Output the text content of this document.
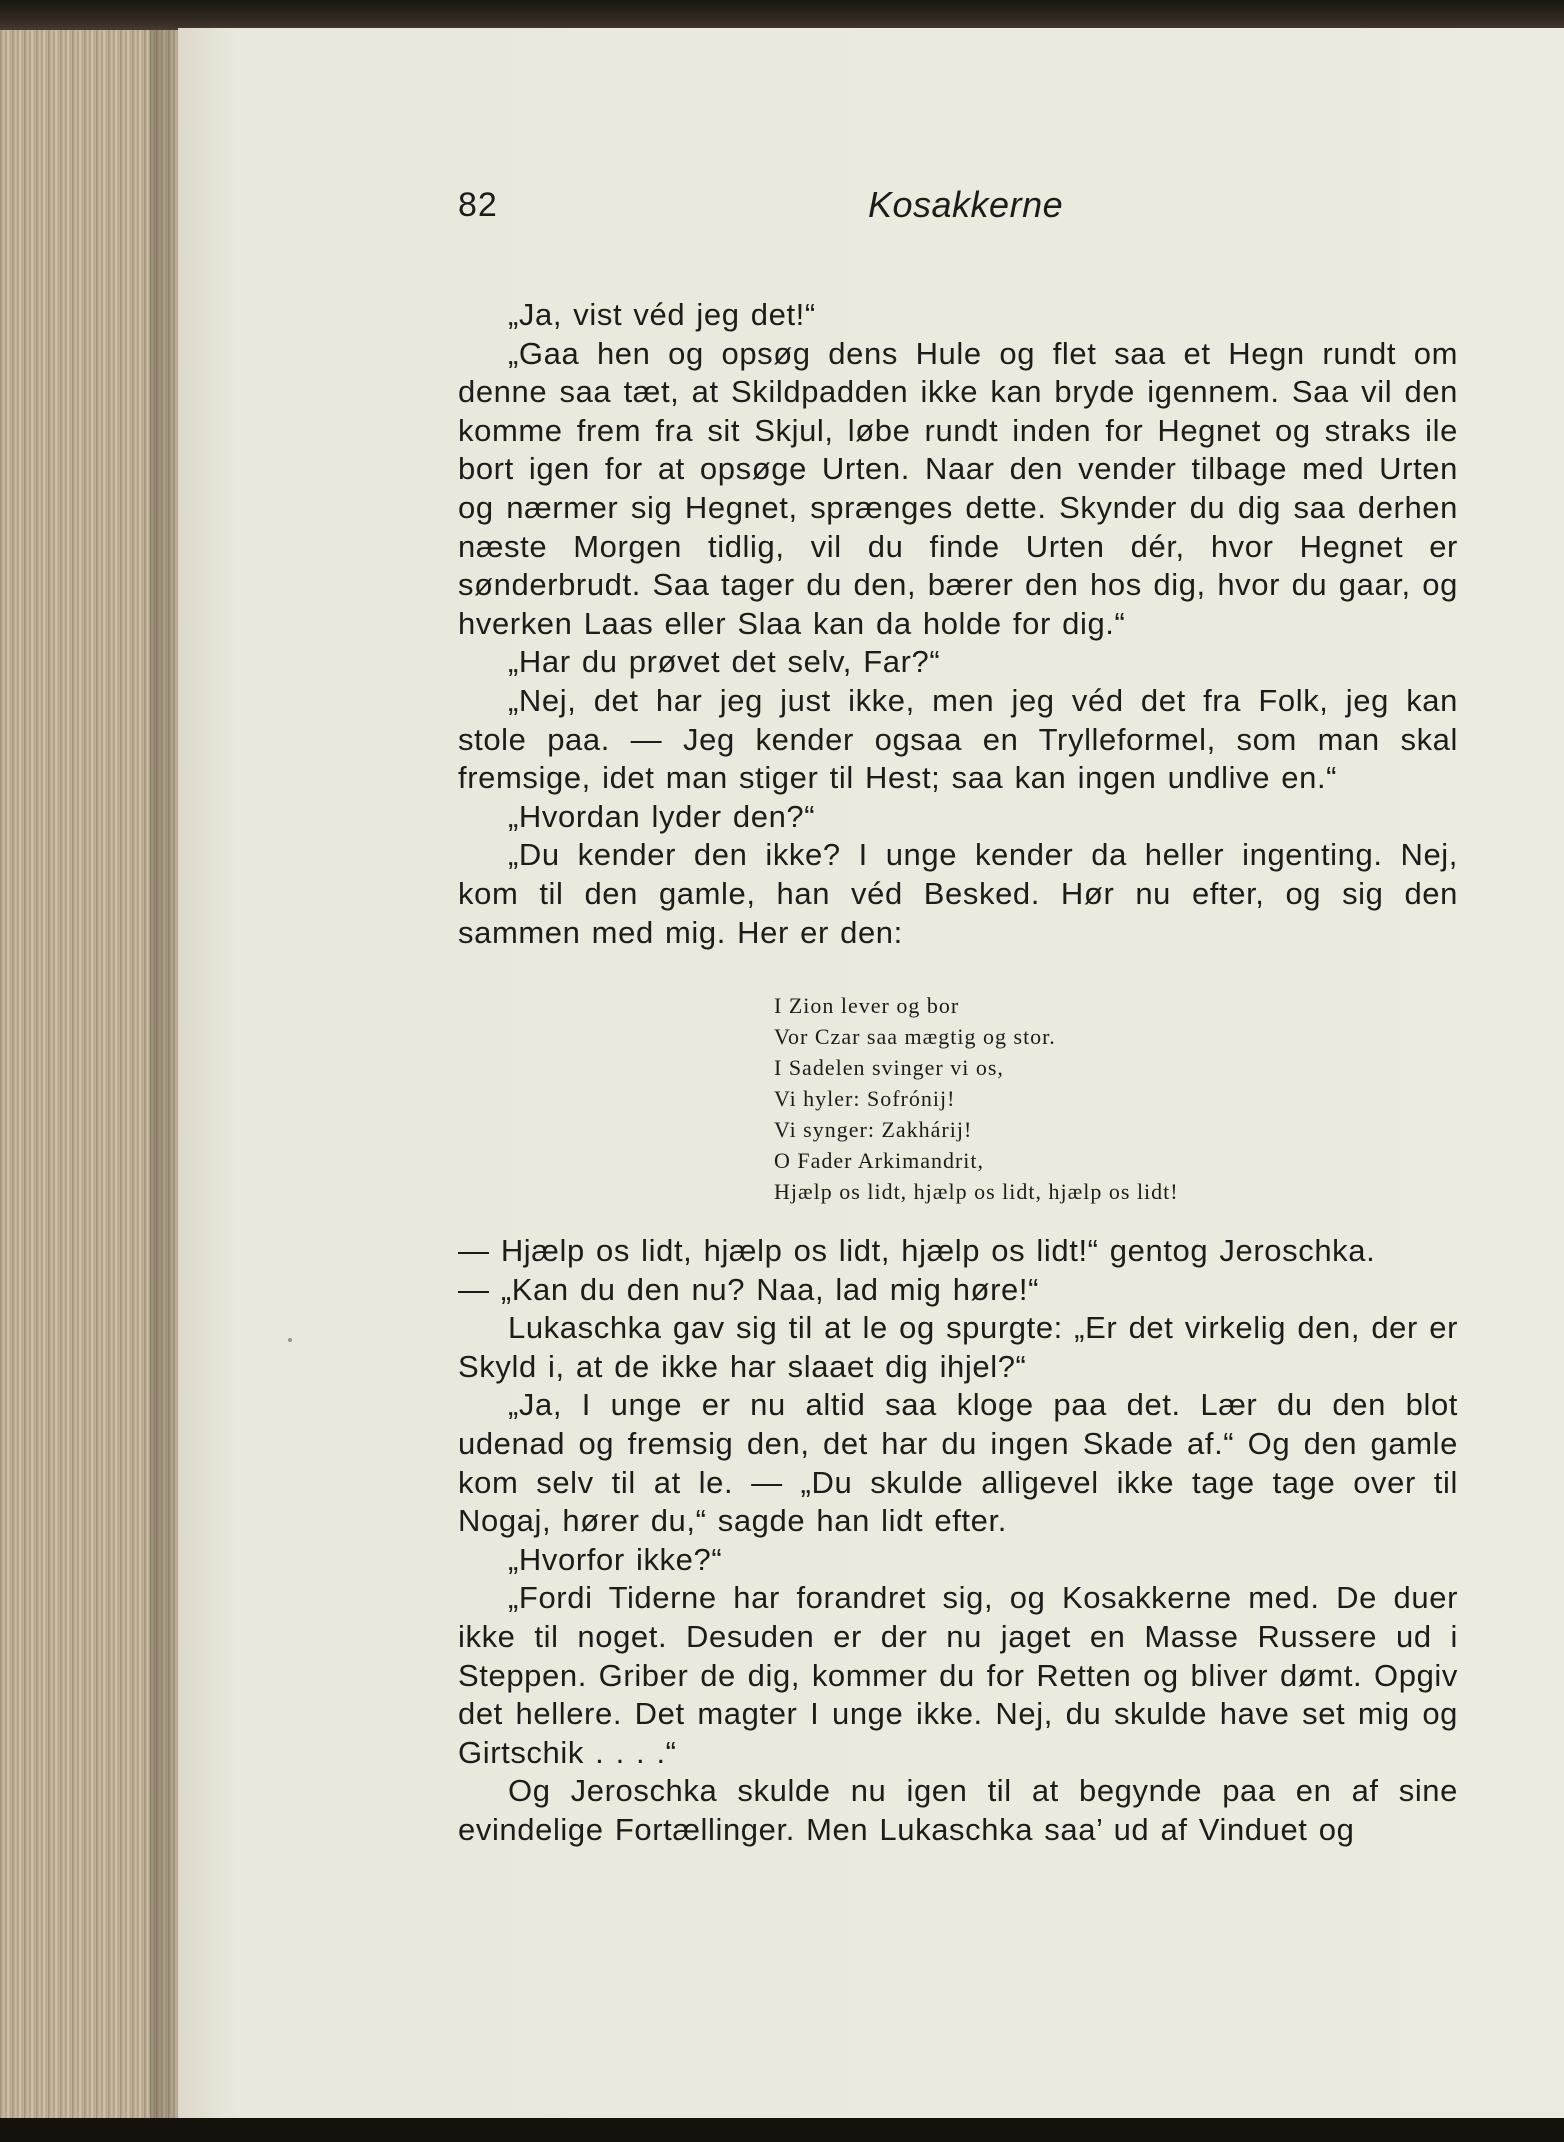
82	Kosakkerne

„Ja, vist véd jeg det!“

„Gaa hen og opsøg dens Hule og flet saa et Hegn rundt om denne saa tæt, at Skildpadden ikke kan bryde igennem. Saa vil den komme frem fra sit Skjul, løbe rundt inden for Hegnet og straks ile bort igen for at opsøge Urten. Naar den vender tilbage med Urten og nærmer sig Hegnet, sprænges dette. Skynder du dig saa derhen næste Morgen tidlig, vil du finde Urten dér, hvor Hegnet er sønderbrudt. Saa tager du den, bærer den hos dig, hvor du gaar, og hverken Laas eller Slaa kan da holde for dig.“

„Har du prøvet det selv, Far?“

„Nej, det har jeg just ikke, men jeg véd det fra Folk, jeg kan stole paa. — Jeg kender ogsaa en Trylleformel, som man skal fremsige, idet man stiger til Hest; saa kan ingen undlive en.“

„Hvordan lyder den?“

„Du kender den ikke? I unge kender da heller ingenting. Nej, kom til den gamle, han véd Besked. Hør nu efter, og sig den sammen med mig. Her er den:

I Zion lever og bor
Vor Czar saa mægtig og stor.
I Sadelen svinger vi os,
Vi hyler: Sofrónij!
Vi synger: Zakhárij!
O Fader Arkimandrit,
Hjælp os lidt, hjælp os lidt, hjælp os lidt!

— Hjælp os lidt, hjælp os lidt, hjælp os lidt!“ gentog Jeroschka.

— „Kan du den nu? Naa, lad mig høre!“

Lukaschka gav sig til at le og spurgte: „Er det virkelig den, der er Skyld i, at de ikke har slaaet dig ihjel?“

„Ja, I unge er nu altid saa kloge paa det. Lær du den blot udenad og fremsig den, det har du ingen Skade af.“ Og den gamle kom selv til at le. — „Du skulde alligevel ikke tage tage over til Nogaj, hører du,“ sagde han lidt efter.

„Hvorfor ikke?“

„Fordi Tiderne har forandret sig, og Kosakkerne med. De duer ikke til noget. Desuden er der nu jaget en Masse Russere ud i Steppen. Griber de dig, kommer du for Retten og bliver dømt. Opgiv det hellere. Det magter I unge ikke. Nej, du skulde have set mig og Girtschik . . . .“

Og Jeroschka skulde nu igen til at begynde paa en af sine evindelige Fortællinger. Men Lukaschka saa’ ud af Vinduet og
